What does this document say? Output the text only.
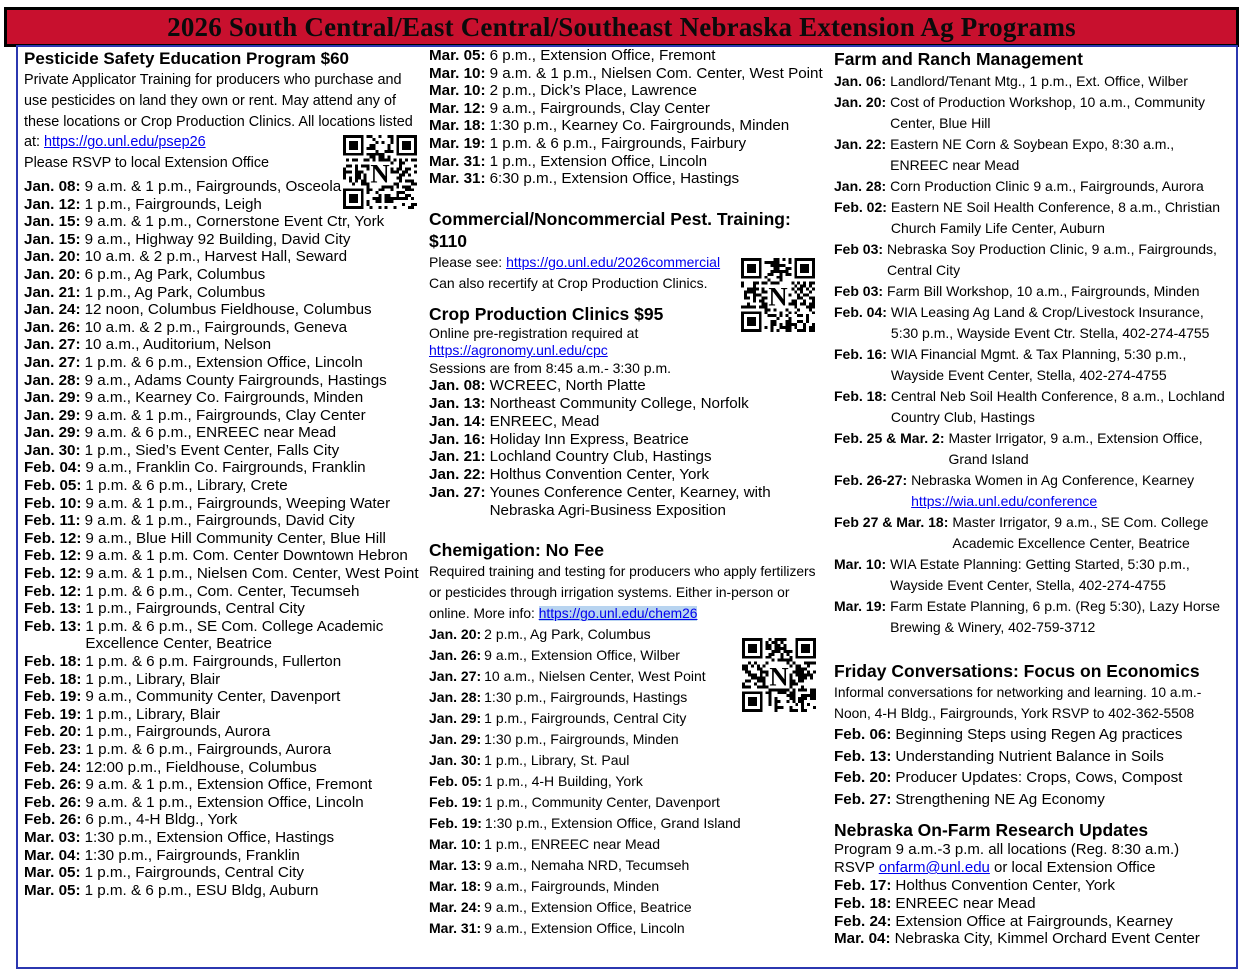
2026 South Central/East Central/Southeast Nebraska Extension Ag Programs
Pesticide Safety Education Program $60
Private Applicator Training for producers who purchase and use pesticides on land they own or rent. May attend any of these locations or Crop Production Clinics. All locations listed at: https://go.unl.edu/psep26
Please RSVP to local Extension Office	N
Jan. 08: 9 a.m. & 1 p.m., Fairgrounds, Osceola
Jan. 12: 1 p.m., Fairgrounds, Leigh
Jan. 15: 9 a.m. & 1 p.m., Cornerstone Event Ctr, York
Jan. 15: 9 a.m., Highway 92 Building, David City
Jan. 20: 10 a.m. & 2 p.m., Harvest Hall, Seward
Jan. 20: 6 p.m., Ag Park, Columbus
Jan. 21: 1 p.m., Ag Park, Columbus
Jan. 24: 12 noon, Columbus Fieldhouse, Columbus
Jan. 26: 10 a.m. & 2 p.m., Fairgrounds, Geneva
Jan. 27: 10 a.m., Auditorium, Nelson
Jan. 27: 1 p.m. & 6 p.m., Extension Office, Lincoln
Jan. 28: 9 a.m., Adams County Fairgrounds, Hastings
Jan. 29: 9 a.m., Kearney Co. Fairgrounds, Minden
Jan. 29: 9 a.m. & 1 p.m., Fairgrounds, Clay Center
Jan. 29: 9 a.m. & 6 p.m., ENREEC near Mead
Jan. 30: 1 p.m., Sied’s Event Center, Falls City
Feb. 04: 9 a.m., Franklin Co. Fairgrounds, Franklin
Feb. 05: 1 p.m. & 6 p.m., Library, Crete
Feb. 10: 9 a.m. & 1 p.m., Fairgrounds, Weeping Water
Feb. 11: 9 a.m. & 1 p.m., Fairgrounds, David City
Feb. 12: 9 a.m., Blue Hill Community Center, Blue Hill
Feb. 12: 9 a.m. & 1 p.m. Com. Center Downtown Hebron
Feb. 12: 9 a.m. & 1 p.m., Nielsen Com. Center, West Point
Feb. 12: 1 p.m. & 6 p.m., Com. Center, Tecumseh
Feb. 13: 1 p.m., Fairgrounds, Central City
Feb. 13: 1 p.m. & 6 p.m., SE Com. College Academic Excellence Center, Beatrice
Feb. 18: 1 p.m. & 6 p.m. Fairgrounds, Fullerton
Feb. 18: 1 p.m., Library, Blair
Feb. 19: 9 a.m., Community Center, Davenport
Feb. 19: 1 p.m., Library, Blair
Feb. 20: 1 p.m., Fairgrounds, Aurora
Feb. 23: 1 p.m. & 6 p.m., Fairgrounds, Aurora
Feb. 24: 12:00 p.m., Fieldhouse, Columbus
Feb. 26: 9 a.m. & 1 p.m., Extension Office, Fremont
Feb. 26: 9 a.m. & 1 p.m., Extension Office, Lincoln
Feb. 26: 6 p.m., 4-H Bldg., York
Mar. 03: 1:30 p.m., Extension Office, Hastings
Mar. 04: 1:30 p.m., Fairgrounds, Franklin
Mar. 05: 1 p.m., Fairgrounds, Central City
Mar. 05: 1 p.m. & 6 p.m., ESU Bldg, Auburn
Mar. 05: 6 p.m., Extension Office, Fremont
Mar. 10: 9 a.m. & 1 p.m., Nielsen Com. Center, West Point
Mar. 10: 2 p.m., Dick’s Place, Lawrence
Mar. 12: 9 a.m., Fairgrounds, Clay Center
Mar. 18: 1:30 p.m., Kearney Co. Fairgrounds, Minden
Mar. 19: 1 p.m. & 6 p.m., Fairgrounds, Fairbury
Mar. 31: 1 p.m., Extension Office, Lincoln
Mar. 31: 6:30 p.m., Extension Office, Hastings
Commercial/Noncommercial Pest. Training: $110
Please see: https://go.unl.edu/2026commercial
Can also recertify at Crop Production Clinics.	N
Crop Production Clinics $95
Online pre-registration required at
https://agronomy.unl.edu/cpc
Sessions are from 8:45 a.m.- 3:30 p.m.
Jan. 08: WCREEC, North Platte
Jan. 13: Northeast Community College, Norfolk
Jan. 14: ENREEC, Mead
Jan. 16: Holiday Inn Express, Beatrice
Jan. 21: Lochland Country Club, Hastings
Jan. 22: Holthus Convention Center, York
Jan. 27: Younes Conference Center, Kearney, with Nebraska Agri-Business Exposition
Chemigation: No Fee
Required training and testing for producers who apply fertilizers or pesticides through irrigation systems. Either in-person or online. More info: https://go.unl.edu/chem26
N
Jan. 20: 2 p.m., Ag Park, Columbus
Jan. 26: 9 a.m., Extension Office, Wilber
Jan. 27: 10 a.m., Nielsen Center, West Point
Jan. 28: 1:30 p.m., Fairgrounds, Hastings
Jan. 29: 1 p.m., Fairgrounds, Central City
Jan. 29: 1:30 p.m., Fairgrounds, Minden
Jan. 30: 1 p.m., Library, St. Paul
Feb. 05: 1 p.m., 4-H Building, York
Feb. 19: 1 p.m., Community Center, Davenport
Feb. 19: 1:30 p.m., Extension Office, Grand Island
Mar. 10: 1 p.m., ENREEC near Mead
Mar. 13: 9 a.m., Nemaha NRD, Tecumseh
Mar. 18: 9 a.m., Fairgrounds, Minden
Mar. 24: 9 a.m., Extension Office, Beatrice
Mar. 31: 9 a.m., Extension Office, Lincoln
Farm and Ranch Management
Jan. 06: Landlord/Tenant Mtg., 1 p.m., Ext. Office, Wilber
Jan. 20: Cost of Production Workshop, 10 a.m., Community Center, Blue Hill
Jan. 22: Eastern NE Corn & Soybean Expo, 8:30 a.m., ENREEC near Mead
Jan. 28: Corn Production Clinic 9 a.m., Fairgrounds, Aurora
Feb. 02: Eastern NE Soil Health Conference, 8 a.m., Christian Church Family Life Center, Auburn
Feb 03: Nebraska Soy Production Clinic, 9 a.m., Fairgrounds, Central City
Feb 03: Farm Bill Workshop, 10 a.m., Fairgrounds, Minden
Feb. 04: WIA Leasing Ag Land & Crop/Livestock Insurance, 5:30 p.m., Wayside Event Ctr. Stella, 402-274-4755
Feb. 16: WIA Financial Mgmt. & Tax Planning, 5:30 p.m., Wayside Event Center, Stella, 402-274-4755
Feb. 18: Central Neb Soil Health Conference, 8 a.m., Lochland Country Club, Hastings
Feb. 25 & Mar. 2: Master Irrigator, 9 a.m., Extension Office, Grand Island
Feb. 26-27: Nebraska Women in Ag Conference, Kearney https://wia.unl.edu/conference
Feb 27 & Mar. 18: Master Irrigator, 9 a.m., SE Com. College Academic Excellence Center, Beatrice
Mar. 10: WIA Estate Planning: Getting Started, 5:30 p.m., Wayside Event Center, Stella, 402-274-4755
Mar. 19: Farm Estate Planning, 6 p.m. (Reg 5:30), Lazy Horse Brewing & Winery, 402-759-3712
Friday Conversations: Focus on Economics
Informal conversations for networking and learning. 10 a.m.- Noon, 4-H Bldg., Fairgrounds, York RSVP to 402-362-5508
Feb. 06: Beginning Steps using Regen Ag practices
Feb. 13: Understanding Nutrient Balance in Soils
Feb. 20: Producer Updates: Crops, Cows, Compost
Feb. 27: Strengthening NE Ag Economy
Nebraska On-Farm Research Updates
Program 9 a.m.-3 p.m. all locations (Reg. 8:30 a.m.)
RSVP onfarm@unl.edu or local Extension Office
Feb. 17: Holthus Convention Center, York
Feb. 18: ENREEC near Mead
Feb. 24: Extension Office at Fairgrounds, Kearney
Mar. 04: Nebraska City, Kimmel Orchard Event Center
